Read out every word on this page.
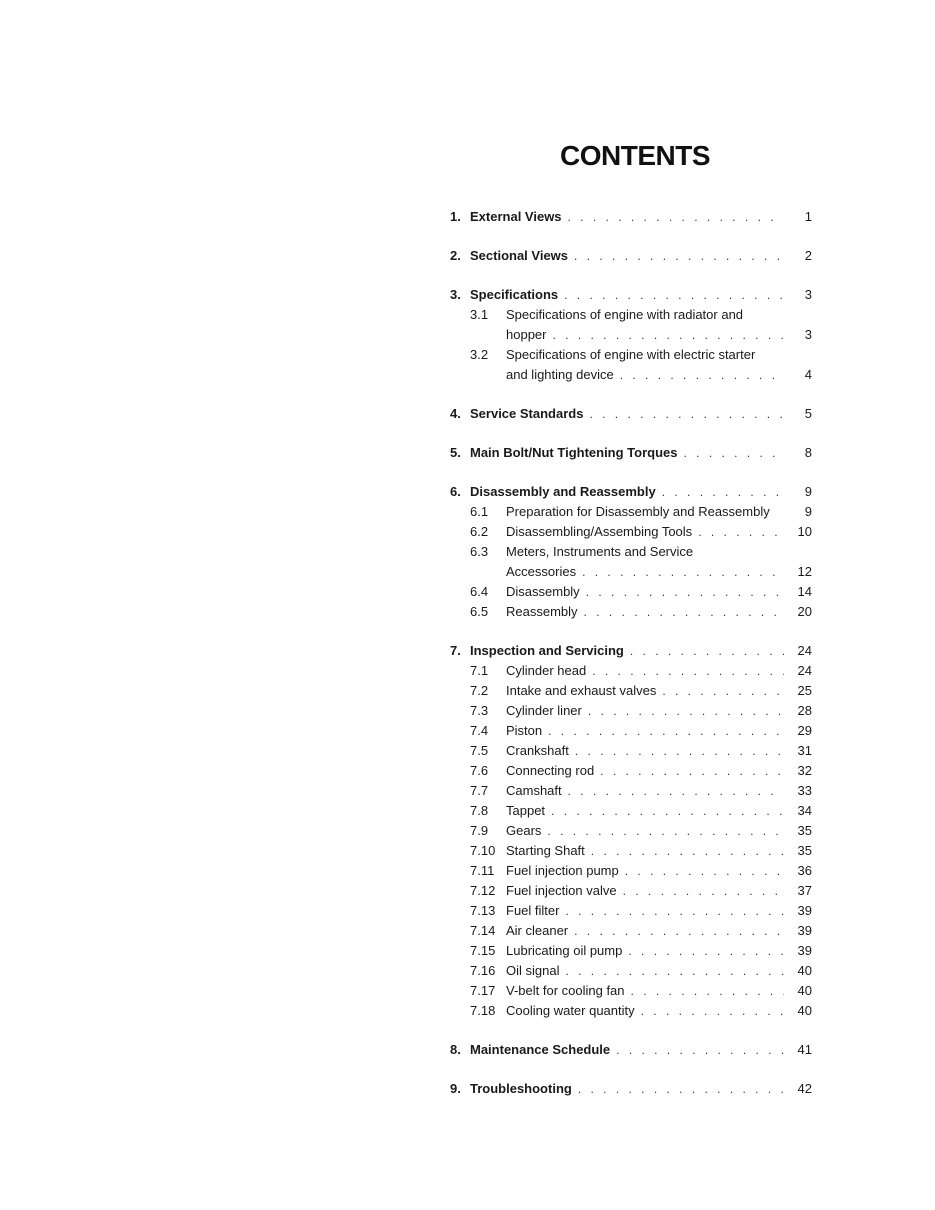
CONTENTS
1. External Views . . .	1
2. Sectional Views . . .	2
3. Specifications . . .	3
3.1	Specifications of engine with radiator and
hopper . . .	3
3.2	Specifications of engine with electric starter
and lighting device . . .	4
4. Service Standards . . .	5
5. Main Bolt/Nut Tightening Torques . . .	8
6. Disassembly and Reassembly . . .	9
6.1	Preparation for Disassembly and Reassembly	9
6.2	Disassembling/Assembing Tools . . .	10
6.3	Meters, Instruments and Service
Accessories . . .	12
6.4	Disassembly . . .	14
6.5	Reassembly . . .	20
7. Inspection and Servicing . . .	24
7.1	Cylinder head . . .	24
7.2	Intake and exhaust valves . . .	25
7.3	Cylinder liner . . .	28
7.4	Piston . . .	29
7.5	Crankshaft . . .	31
7.6	Connecting rod . . .	32
7.7	Camshaft . . .	33
7.8	Tappet . . .	34
7.9	Gears . . .	35
7.10 Starting Shaft . . .	35
7.11 Fuel injection pump . . .	36
7.12 Fuel injection valve . . .	37
7.13 Fuel filter . . .	39
7.14 Air cleaner . . .	39
7.15 Lubricating oil pump . . .	39
7.16 Oil signal . . .	40
7.17 V-belt for cooling fan . . .	40
7.18 Cooling water quantity . . .	40
8. Maintenance Schedule . . .	41
9. Troubleshooting . . .	42
